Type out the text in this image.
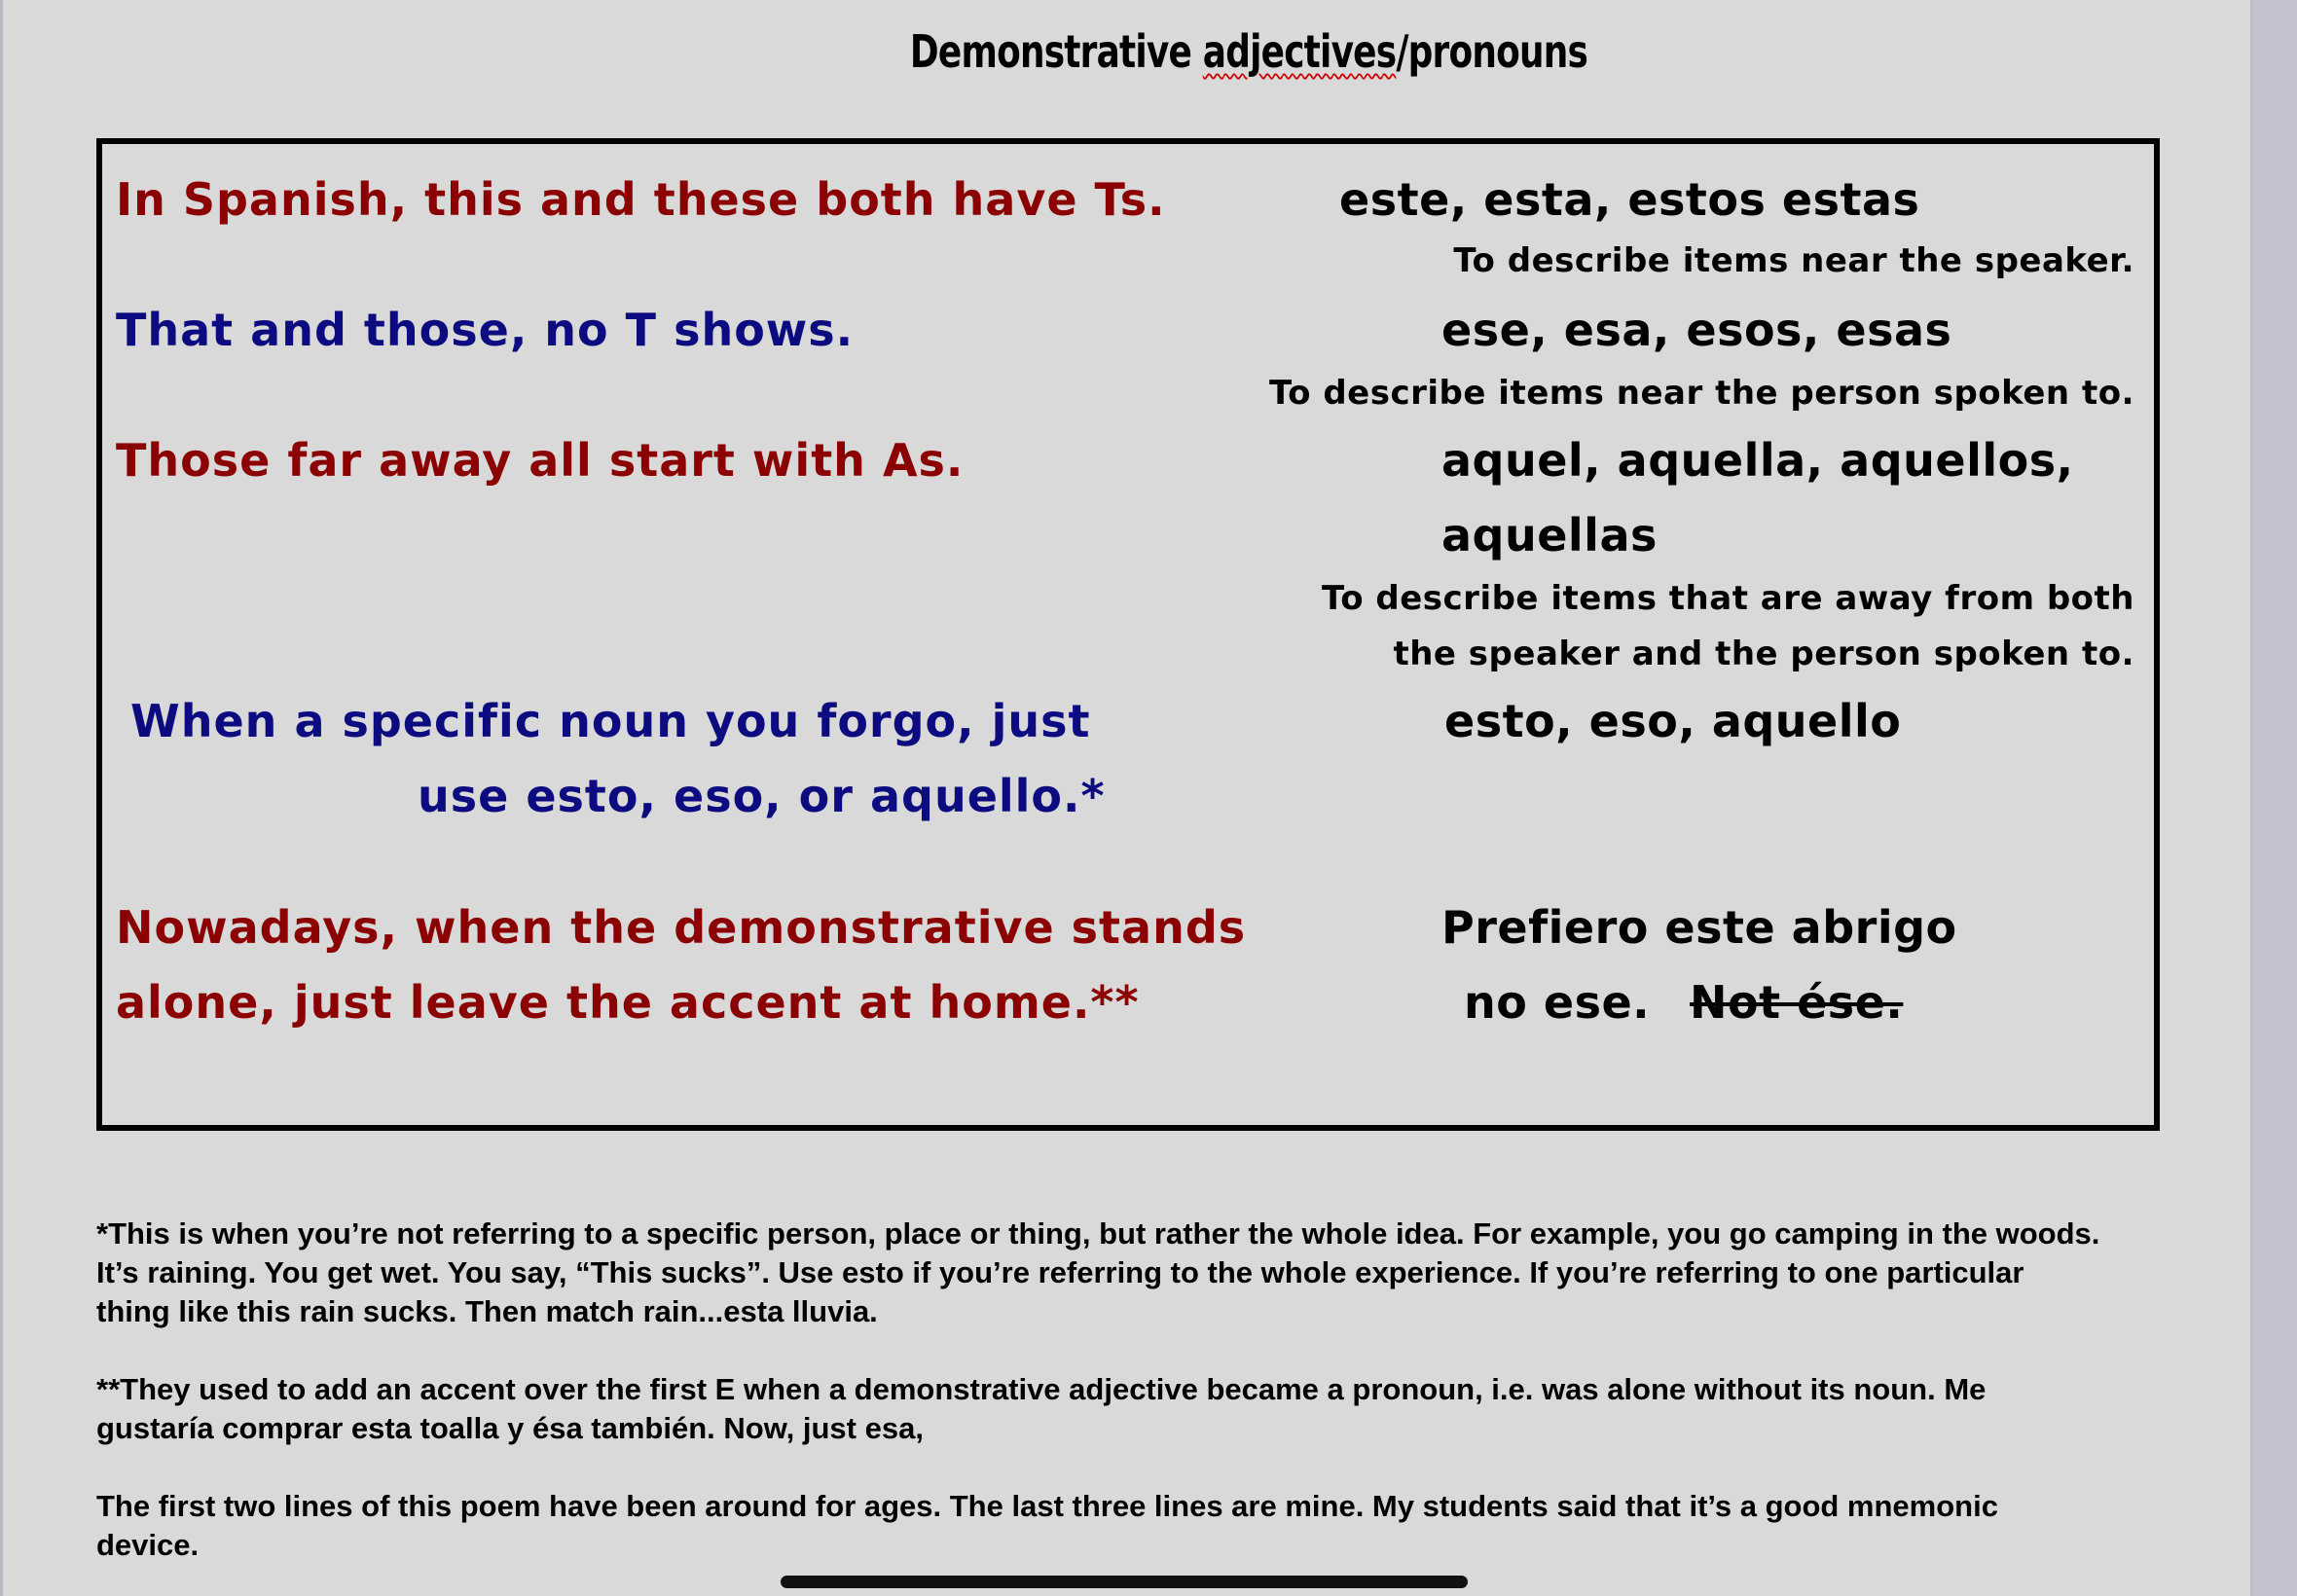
Demonstrative adjectives/pronouns
In Spanish, this and these both have Ts.
That and those, no T shows.
Those far away all start with As.
When a specific noun you forgo, just
use esto, eso, or aquello.*
Nowadays, when the demonstrative stands
alone, just leave the accent at home.**
este, esta, estos estas
To describe items near the speaker.
ese, esa, esos, esas
To describe items near the person spoken to.
aquel, aquella, aquellos,
aquellas
To describe items that are away from both
the speaker and the person spoken to.
esto, eso, aquello
Prefiero este abrigo
no ese. Not ése.
*This is when you’re not referring to a specific person, place or thing, but rather the whole idea. For example, you go camping in the woods. It’s raining. You get wet. You say, “This sucks”. Use esto if you’re referring to the whole experience. If you’re referring to one particular thing like this rain sucks. Then match rain...esta lluvia.
**They used to add an accent over the first E when a demonstrative adjective became a pronoun, i.e. was alone without its noun. Me gustaría comprar esta toalla y ésa también. Now, just esa,
The first two lines of this poem have been around for ages. The last three lines are mine. My students said that it’s a good mnemonic device.
